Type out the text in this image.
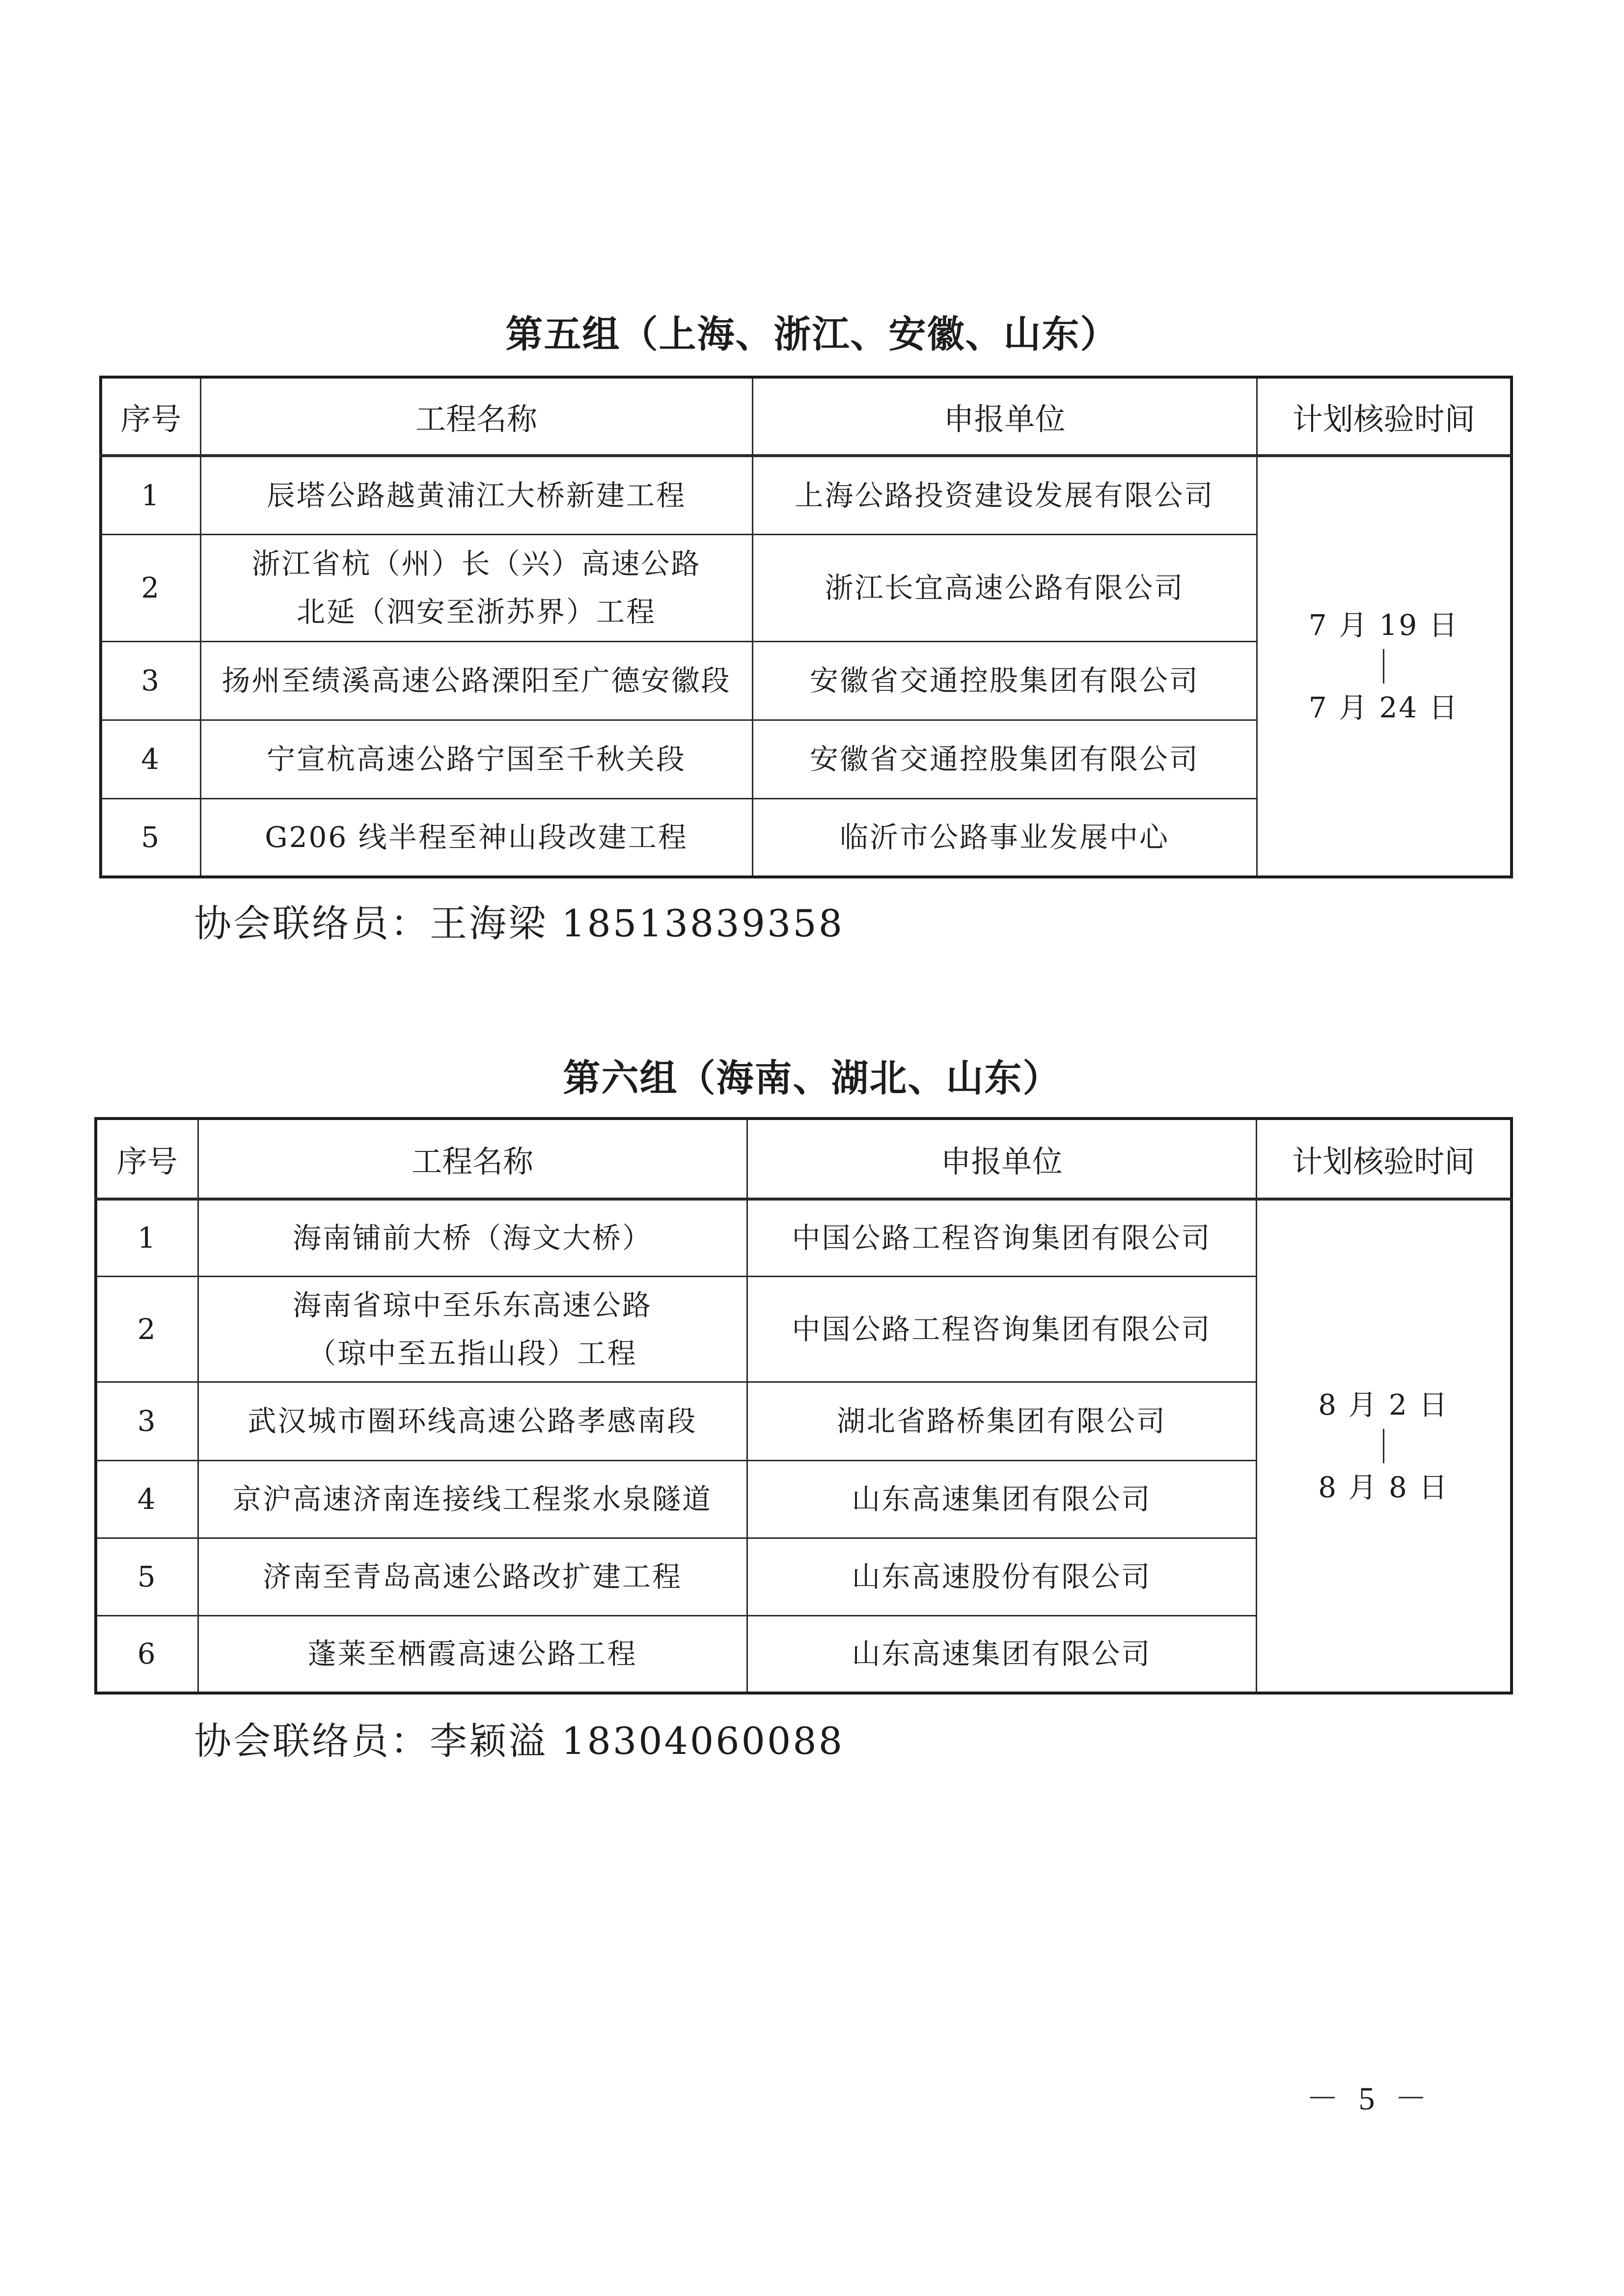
第五组（上海、浙江、安徽、山东）
序号	工程名称	申报单位	计划核验时间
1	辰塔公路越黄浦江大桥新建工程	上海公路投资建设发展有限公司	7 月 19 日
7 月 24 日

2	浙江省杭（州）长（兴）高速公路
北延（泗安至浙苏界）工程	浙江长宜高速公路有限公司	
3	扬州至绩溪高速公路溧阳至广德安徽段	安徽省交通控股集团有限公司	
4	宁宣杭高速公路宁国至千秋关段	安徽省交通控股集团有限公司	
5	G206 线半程至神山段改建工程	临沂市公路事业发展中心	
协会联络员：王海梁 18513839358
第六组（海南、湖北、山东）
序号	工程名称	申报单位	计划核验时间
1	海南铺前大桥（海文大桥）	中国公路工程咨询集团有限公司	8 月 2 日
8 月 8 日

2	海南省琼中至乐东高速公路
（琼中至五指山段）工程	中国公路工程咨询集团有限公司	
3	武汉城市圈环线高速公路孝感南段	湖北省路桥集团有限公司	
4	京沪高速济南连接线工程浆水泉隧道	山东高速集团有限公司	
5	济南至青岛高速公路改扩建工程	山东高速股份有限公司	
6	蓬莱至栖霞高速公路工程	山东高速集团有限公司	
协会联络员：李颖溢 18304060088
－ 5 －
